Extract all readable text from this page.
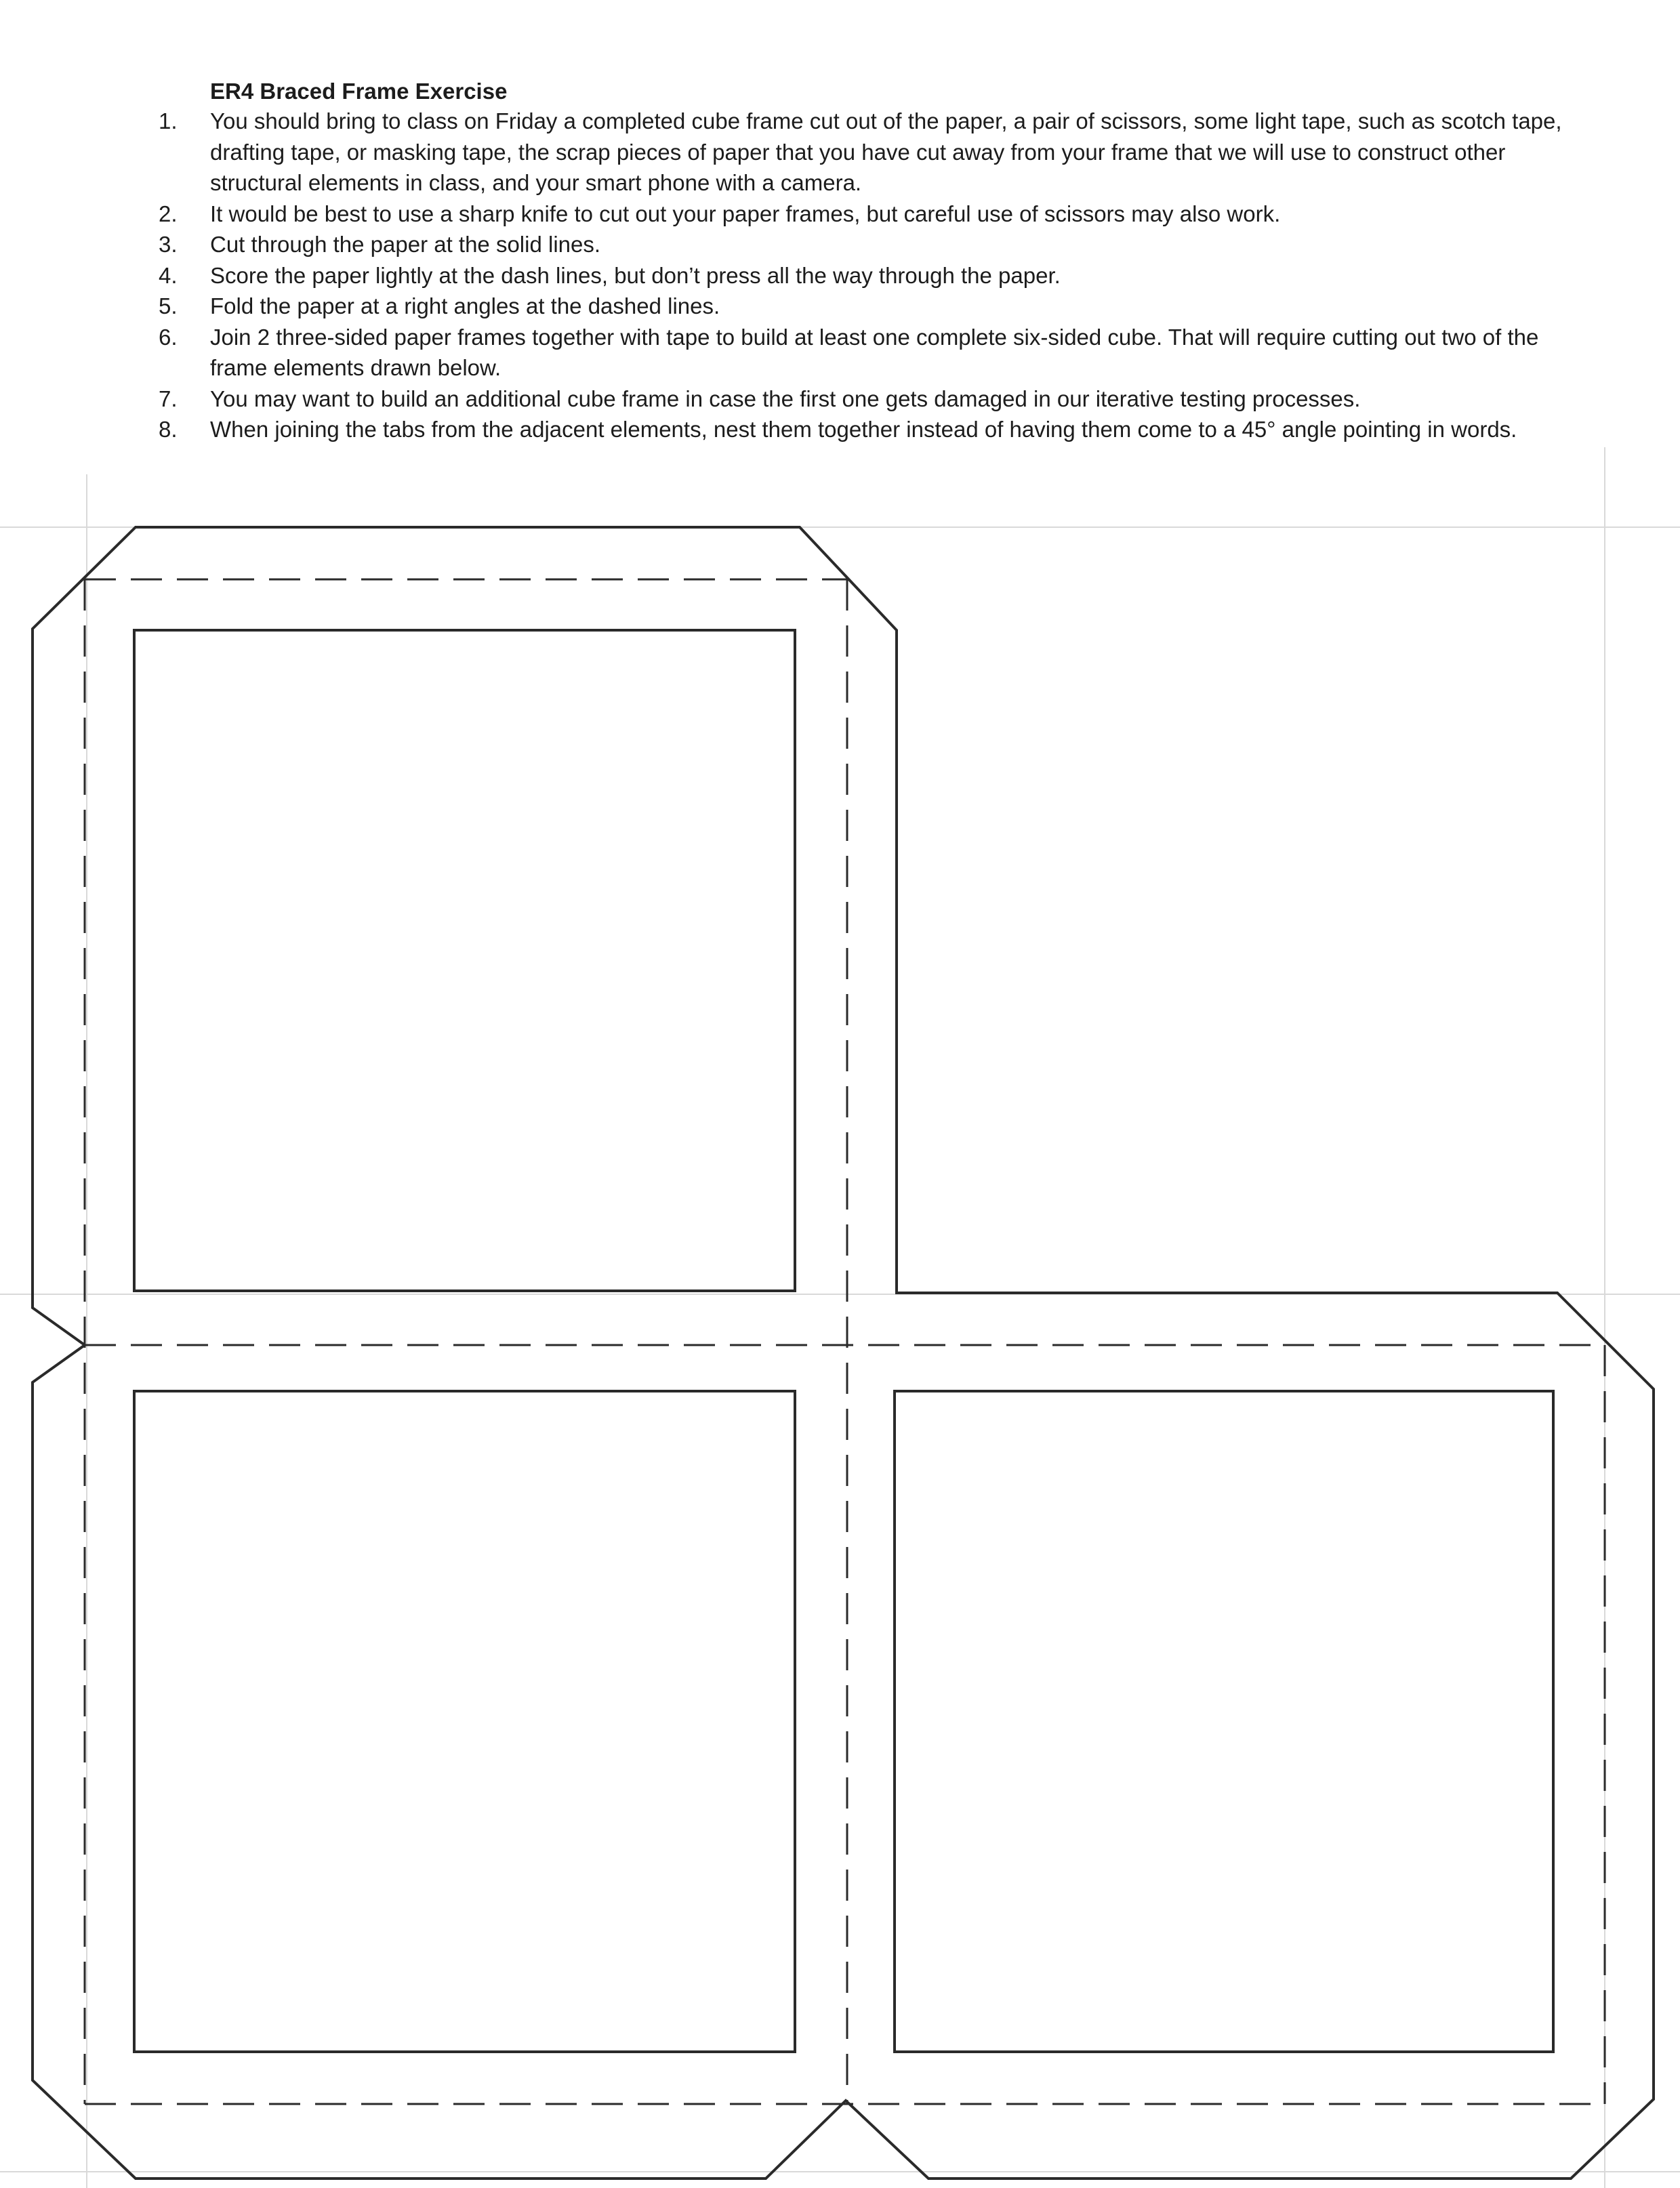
ER4 Braced Frame Exercise
1.	You should bring to class on Friday a completed cube frame cut out of the paper, a pair of scissors, some light tape, such as scotch tape, drafting tape, or masking tape, the scrap pieces of paper that you have cut away from your frame that we will use to construct other structural elements in class, and your smart phone with a camera.
2.	It would be best to use a sharp knife to cut out your paper frames, but careful use of scissors may also work.
3.	Cut through the paper at the solid lines.
4.	Score the paper lightly at the dash lines, but don’t press all the way through the paper.
5.	Fold the paper at a right angles at the dashed lines.
6.	Join 2 three-sided paper frames together with tape to build at least one complete six-sided cube. That will require cutting out two of the frame elements drawn below.
7.	You may want to build an additional cube frame in case the first one gets damaged in our iterative testing processes.
8.	When joining the tabs from the adjacent elements, nest them together instead of having them come to a 45° angle pointing in words.
